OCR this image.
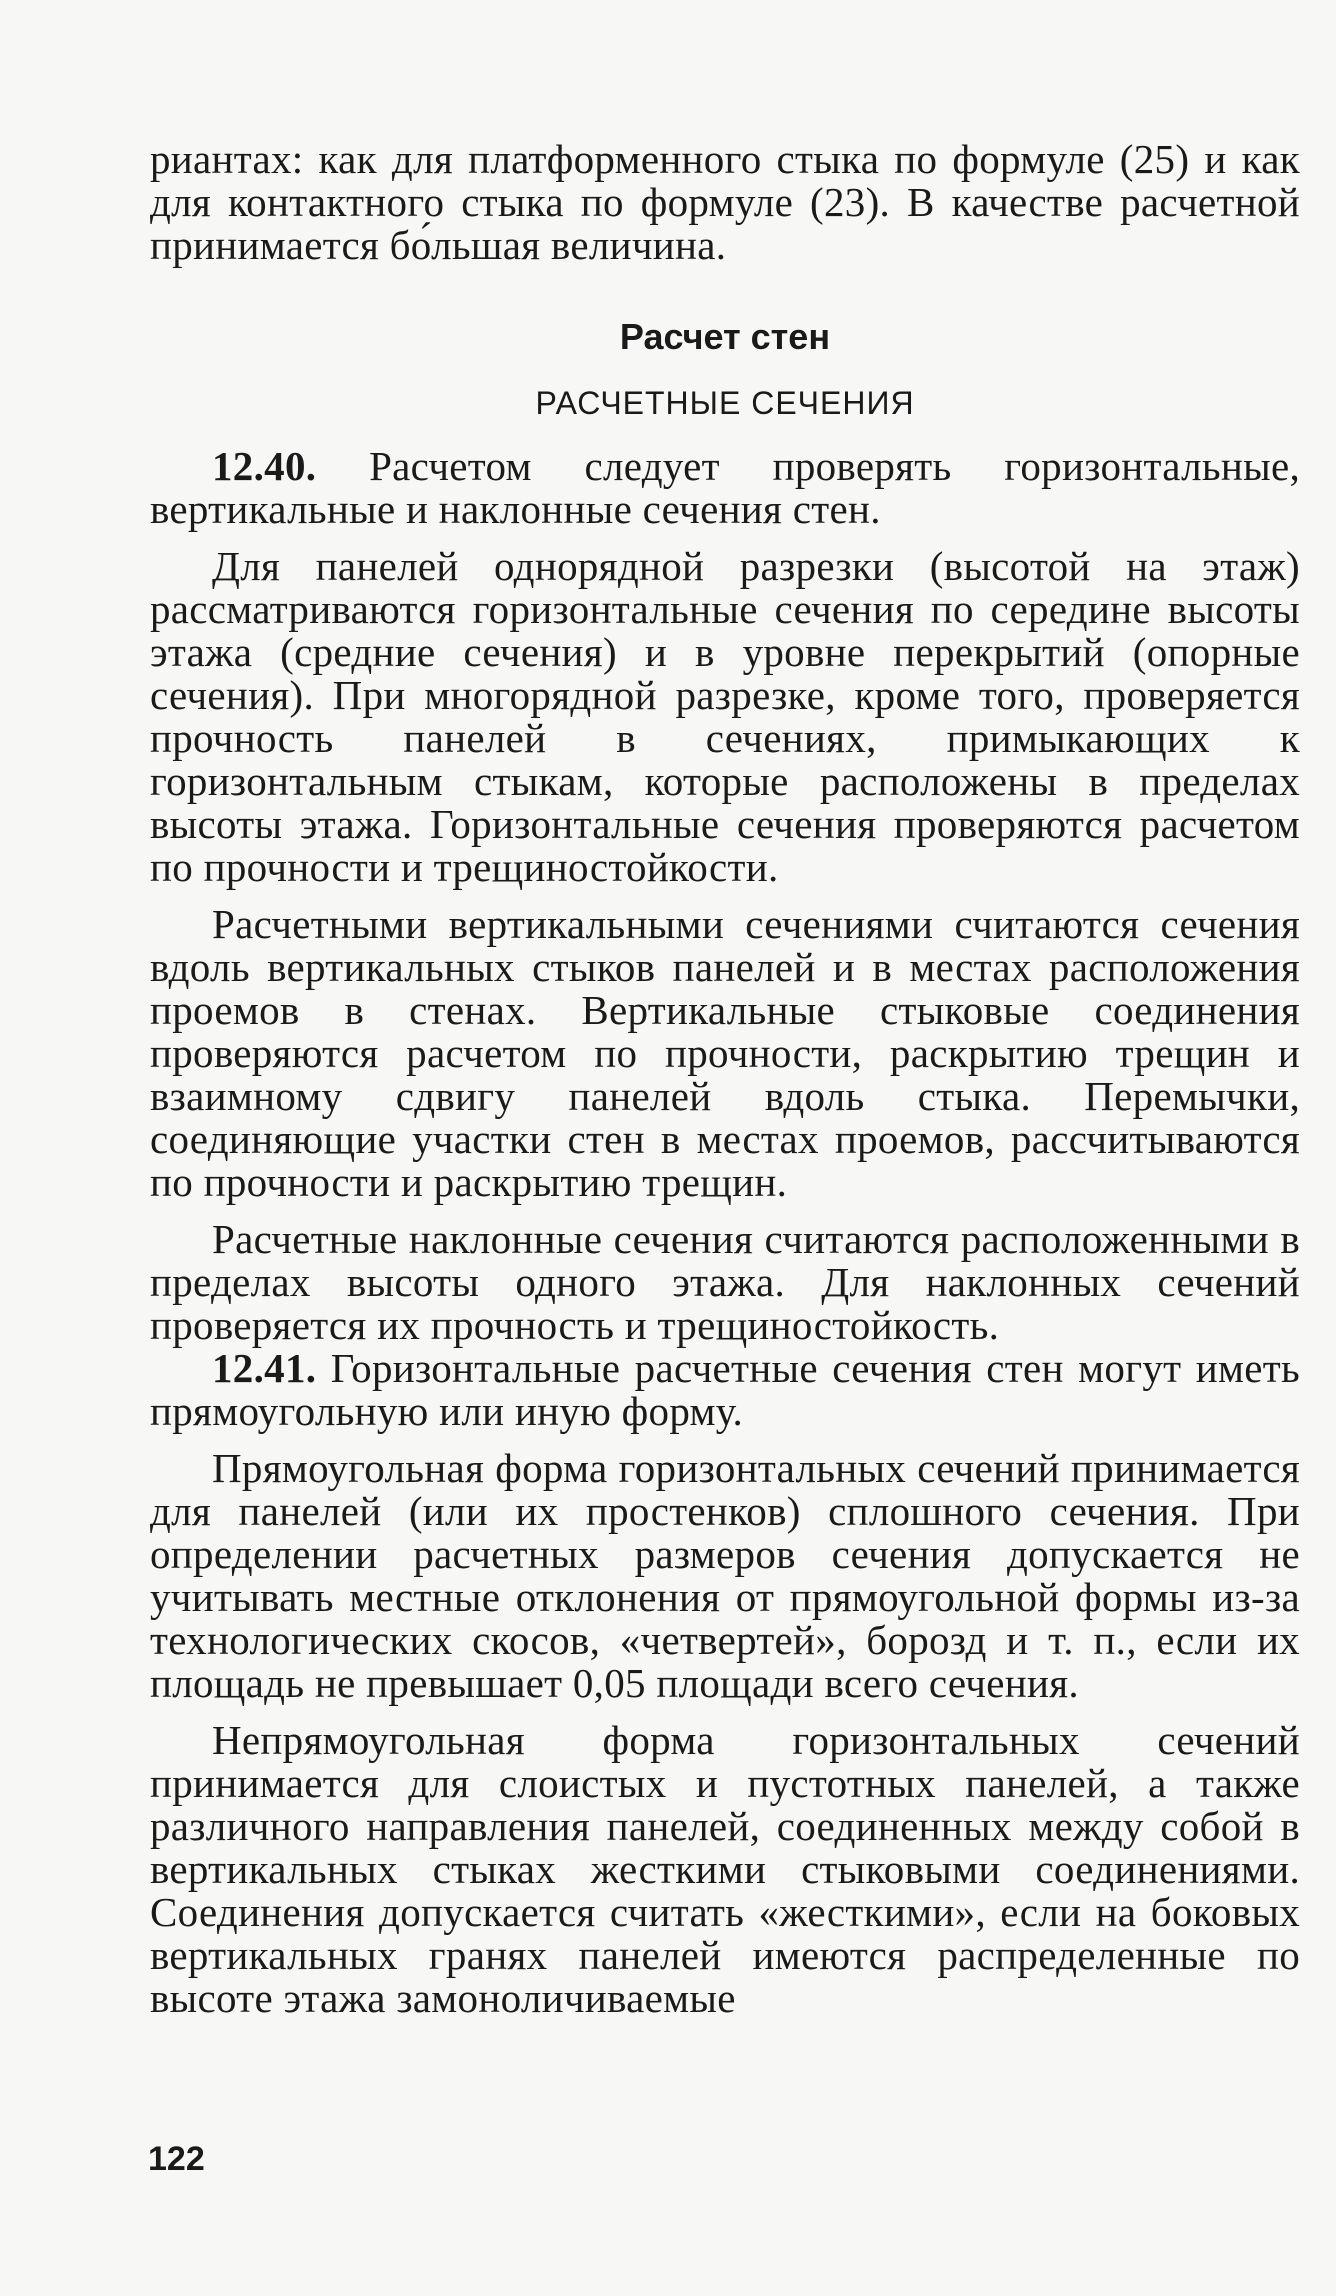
риантах: как для платформенного стыка по формуле (25) и как для контактного стыка по формуле (23). В качестве расчетной принимается бо́льшая величина.

Расчет стен
РАСЧЕТНЫЕ СЕЧЕНИЯ

12.40. Расчетом следует проверять горизонтальные, вертикальные и наклонные сечения стен.

Для панелей однорядной разрезки (высотой на этаж) рассматриваются горизонтальные сечения по середине высоты этажа (средние сечения) и в уровне перекрытий (опорные сечения). При многорядной разрезке, кроме того, проверяется прочность панелей в сечениях, примыкающих к горизонтальным стыкам, которые расположены в пределах высоты этажа. Горизонтальные сечения проверяются расчетом по прочности и трещиностойкости.

Расчетными вертикальными сечениями считаются сечения вдоль вертикальных стыков панелей и в местах расположения проемов в стенах. Вертикальные стыковые соединения проверяются расчетом по прочности, раскрытию трещин и взаимному сдвигу панелей вдоль стыка. Перемычки, соединяющие участки стен в местах проемов, рассчитываются по прочности и раскрытию трещин.

Расчетные наклонные сечения считаются расположенными в пределах высоты одного этажа. Для наклонных сечений проверяется их прочность и трещиностойкость.

12.41. Горизонтальные расчетные сечения стен могут иметь прямоугольную или иную форму.

Прямоугольная форма горизонтальных сечений принимается для панелей (или их простенков) сплошного сечения. При определении расчетных размеров сечения допускается не учитывать местные отклонения от прямоугольной формы из-за технологических скосов, «четвертей», борозд и т. п., если их площадь не превышает 0,05 площади всего сечения.

Непрямоугольная форма горизонтальных сечений принимается для слоистых и пустотных панелей, а также различного направления панелей, соединенных между собой в вертикальных стыках жесткими стыковыми соединениями. Соединения допускается считать «жесткими», если на боковых вертикальных гранях панелей имеются распределенные по высоте этажа замоноличиваемые

122
